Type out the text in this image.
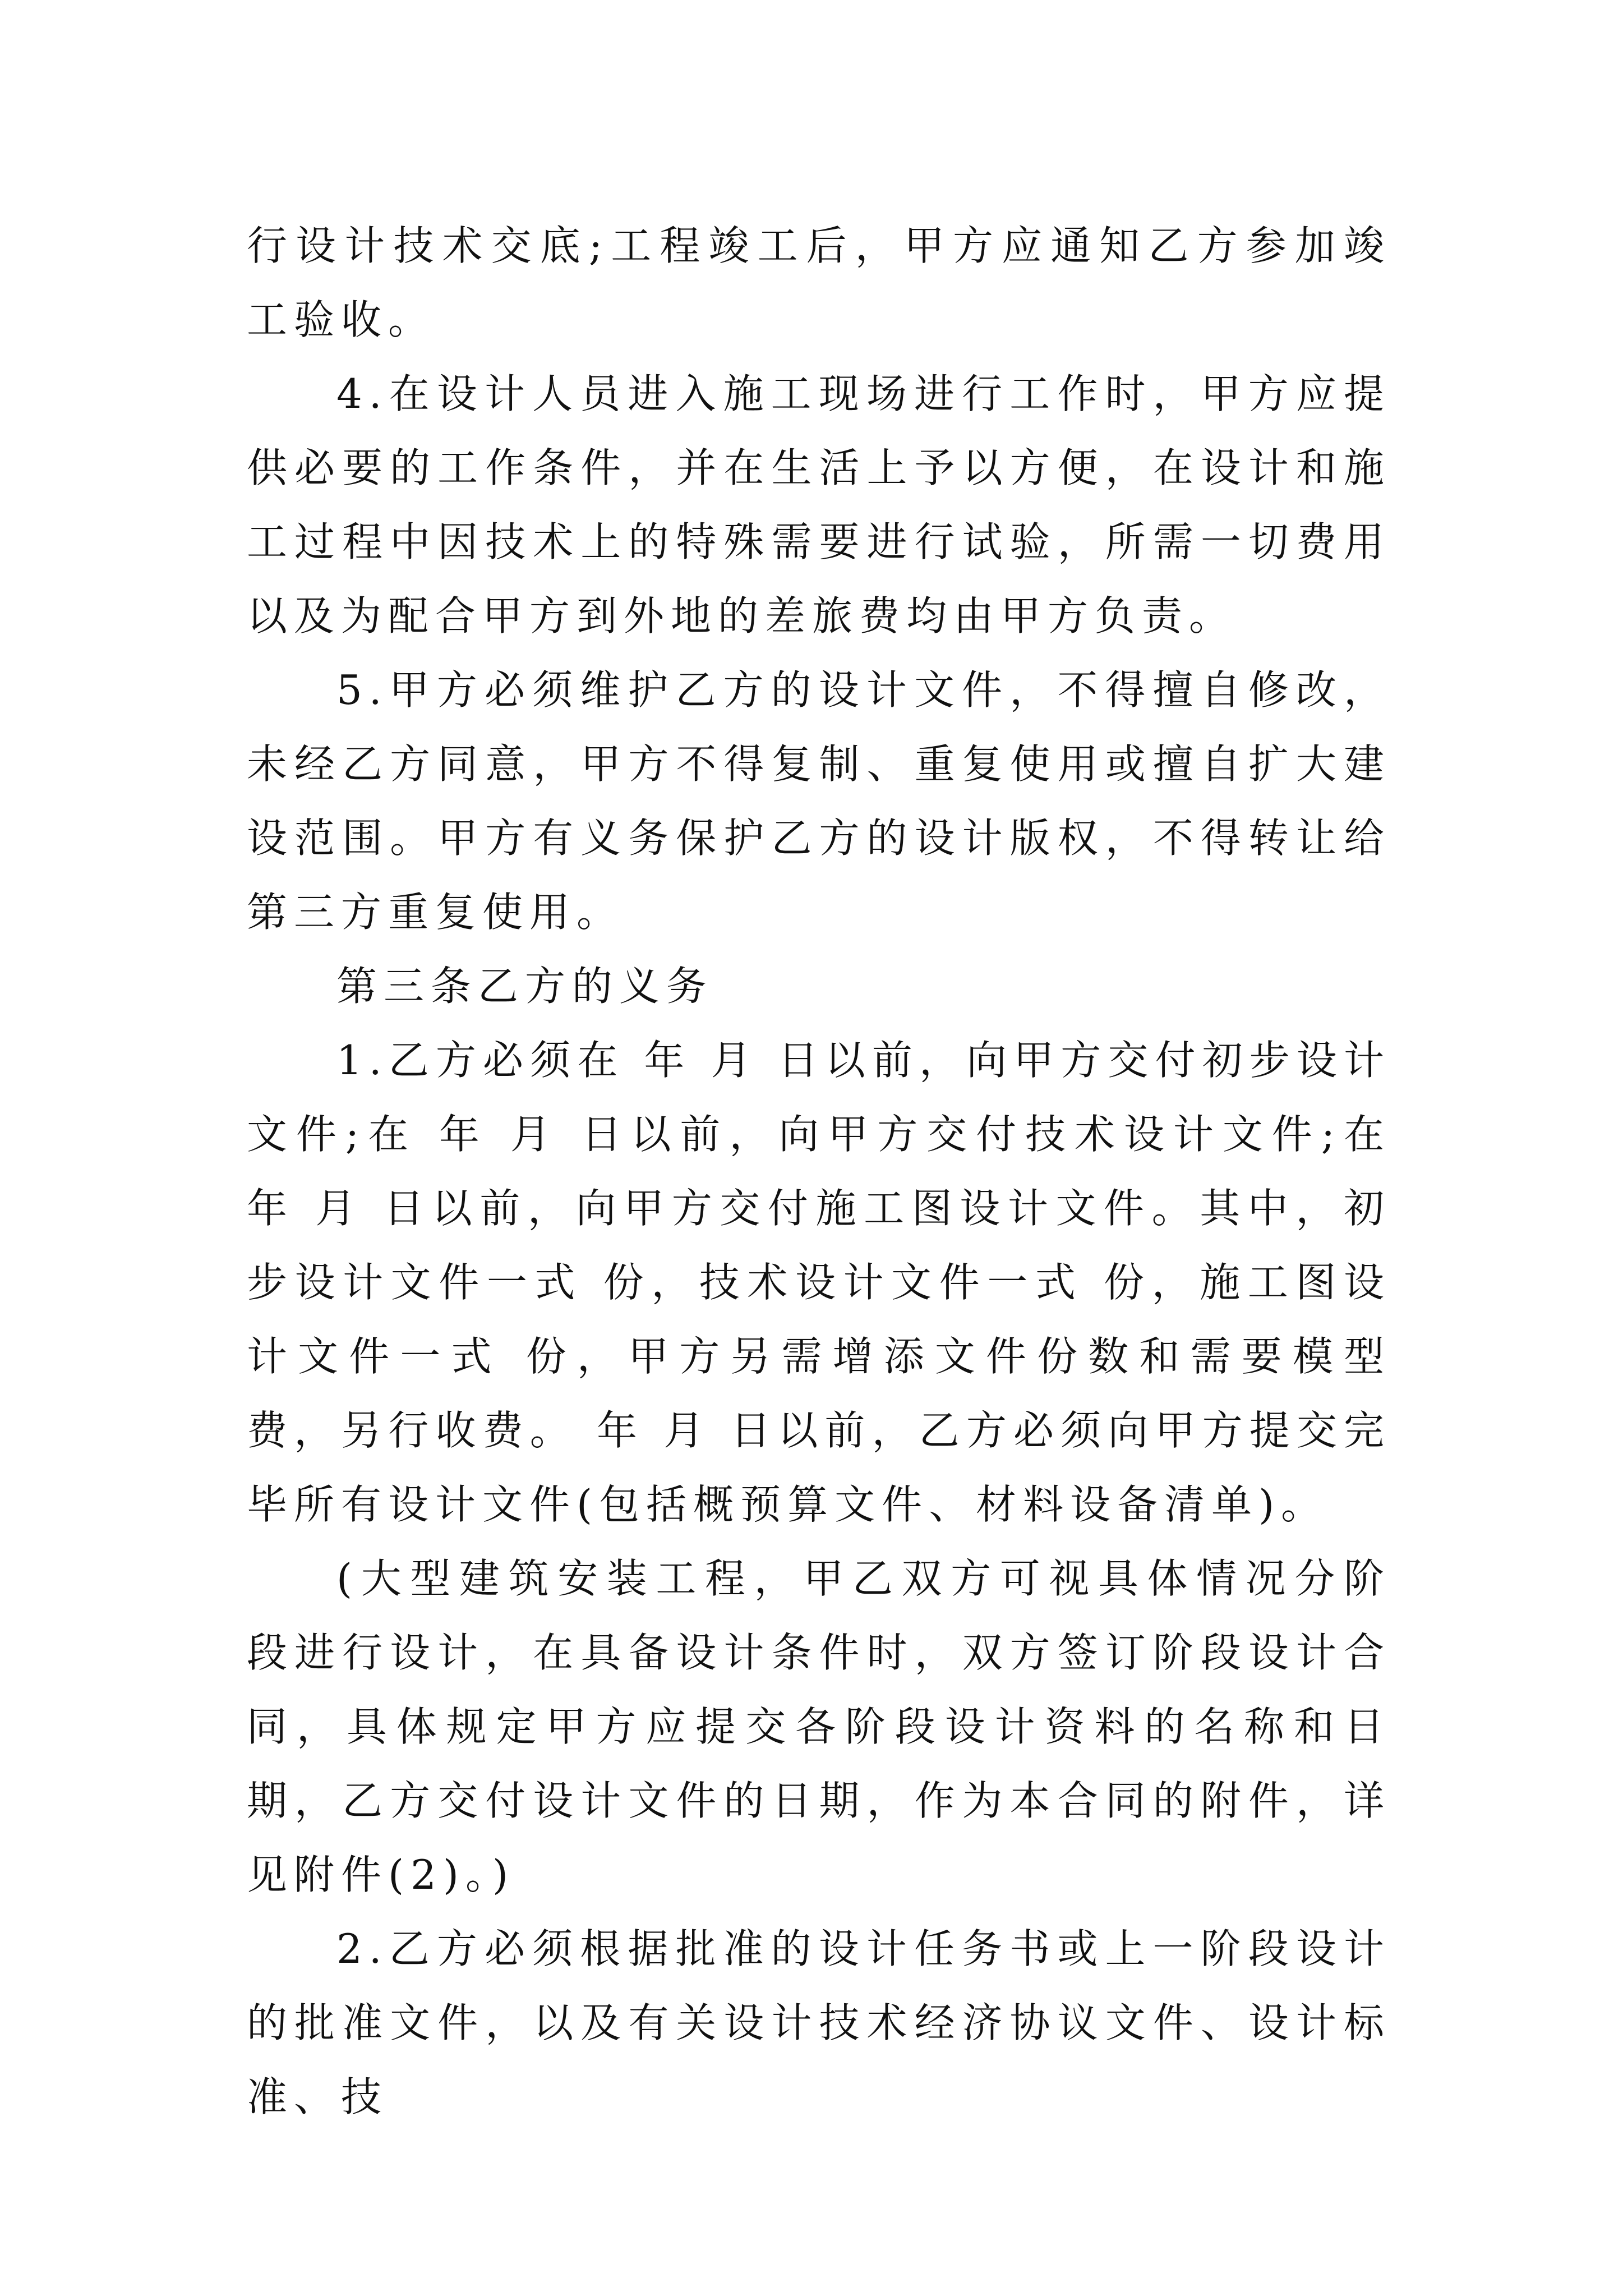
行设计技术交底;工程竣工后，甲方应通知乙方参加竣工验收。

4.在设计人员进入施工现场进行工作时，甲方应提供必要的工作条件，并在生活上予以方便，在设计和施工过程中因技术上的特殊需要进行试验，所需一切费用以及为配合甲方到外地的差旅费均由甲方负责。

5.甲方必须维护乙方的设计文件，不得擅自修改，未经乙方同意，甲方不得复制、重复使用或擅自扩大建设范围。甲方有义务保护乙方的设计版权，不得转让给第三方重复使用。

第三条乙方的义务

1.乙方必须在 年 月 日以前，向甲方交付初步设计文件;在 年 月 日以前，向甲方交付技术设计文件;在 年 月 日以前，向甲方交付施工图设计文件。其中，初步设计文件一式 份，技术设计文件一式 份，施工图设计文件一式 份，甲方另需增添文件份数和需要模型费，另行收费。 年 月 日以前，乙方必须向甲方提交完毕所有设计文件(包括概预算文件、材料设备清单)。

(大型建筑安装工程，甲乙双方可视具体情况分阶段进行设计，在具备设计条件时，双方签订阶段设计合同，具体规定甲方应提交各阶段设计资料的名称和日期，乙方交付设计文件的日期，作为本合同的附件，详见附件(2)。)

2.乙方必须根据批准的设计任务书或上一阶段设计的批准文件，以及有关设计技术经济协议文件、设计标准、技
